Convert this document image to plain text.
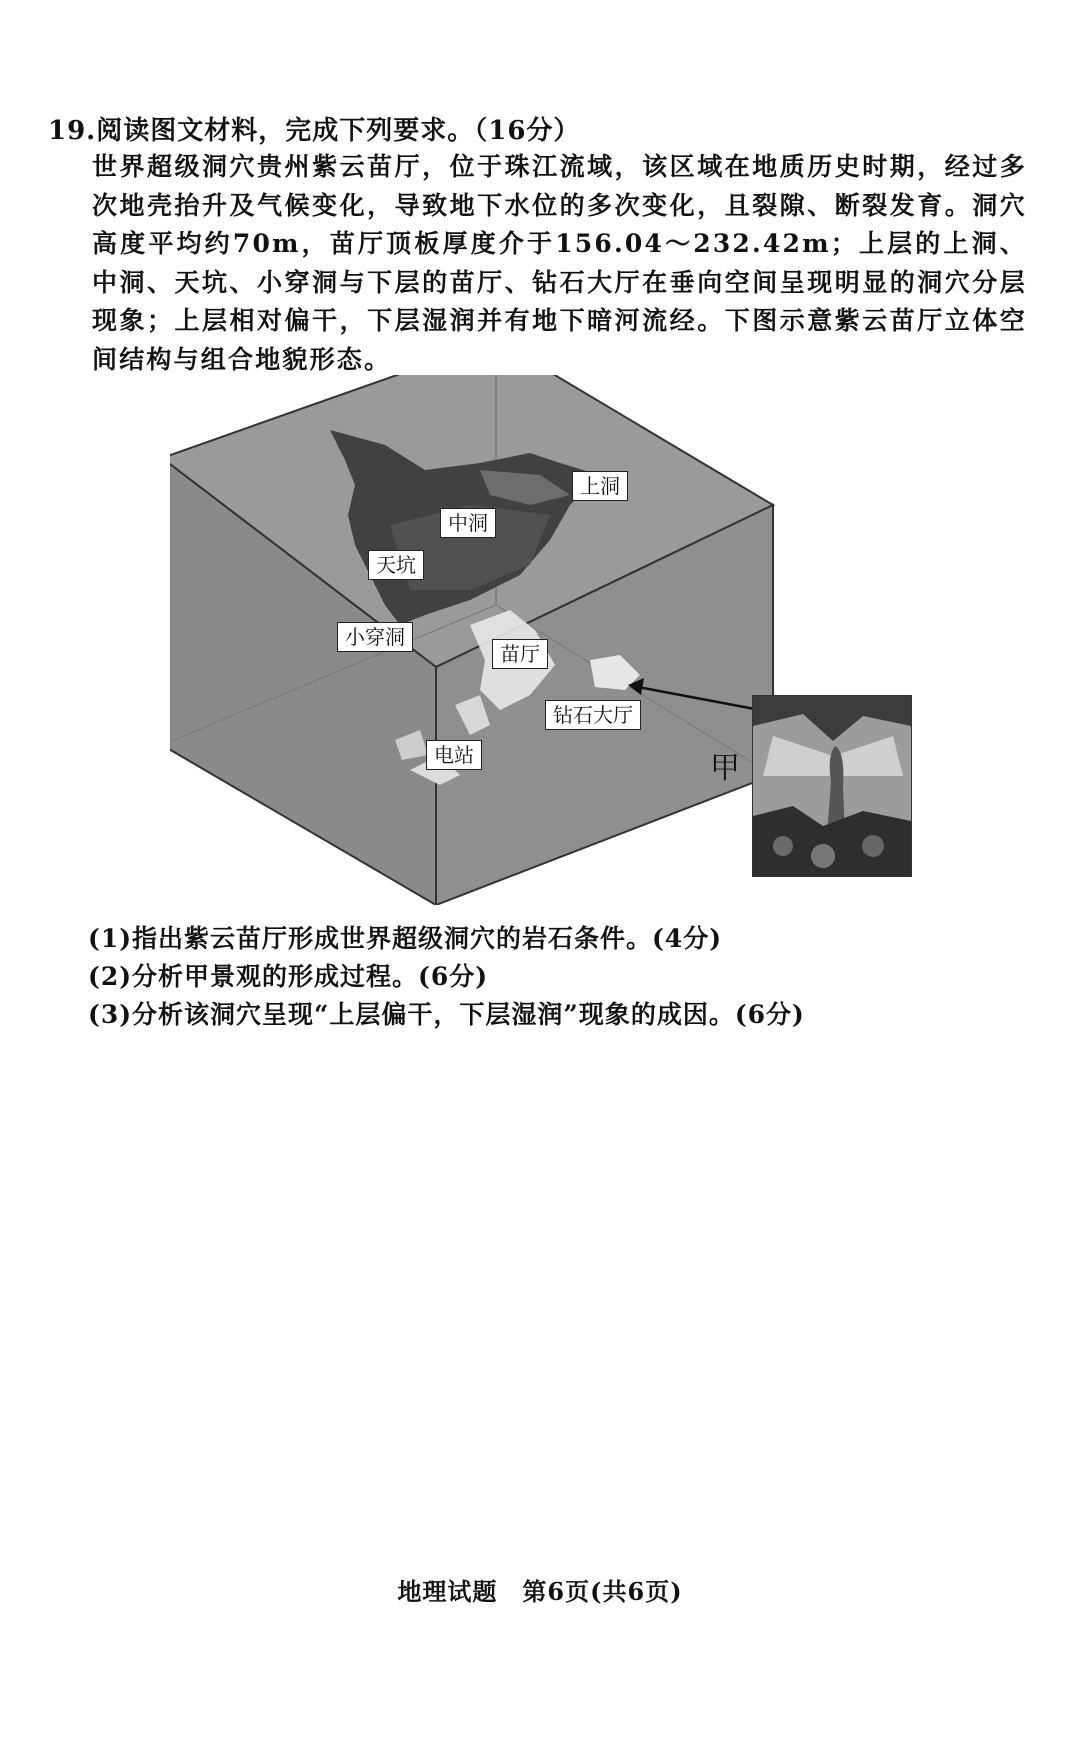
19.阅读图文材料，完成下列要求。（16分）
世界超级洞穴贵州紫云苗厅，位于珠江流域，该区域在地质历史时期，经过多次地壳抬升及气候变化，导致地下水位的多次变化，且裂隙、断裂发育。洞穴高度平均约70m，苗厅顶板厚度介于156.04～232.42m；上层的上洞、中洞、天坑、小穿洞与下层的苗厅、钻石大厅在垂向空间呈现明显的洞穴分层现象；上层相对偏干，下层湿润并有地下暗河流经。下图示意紫云苗厅立体空间结构与组合地貌形态。
上洞
中洞
天坑
小穿洞
苗厅
钻石大厅
电站	甲
(1)指出紫云苗厅形成世界超级洞穴的岩石条件。(4分)
(2)分析甲景观的形成过程。(6分)
(3)分析该洞穴呈现“上层偏干，下层湿润”现象的成因。(6分)
地理试题　第6页(共6页)
